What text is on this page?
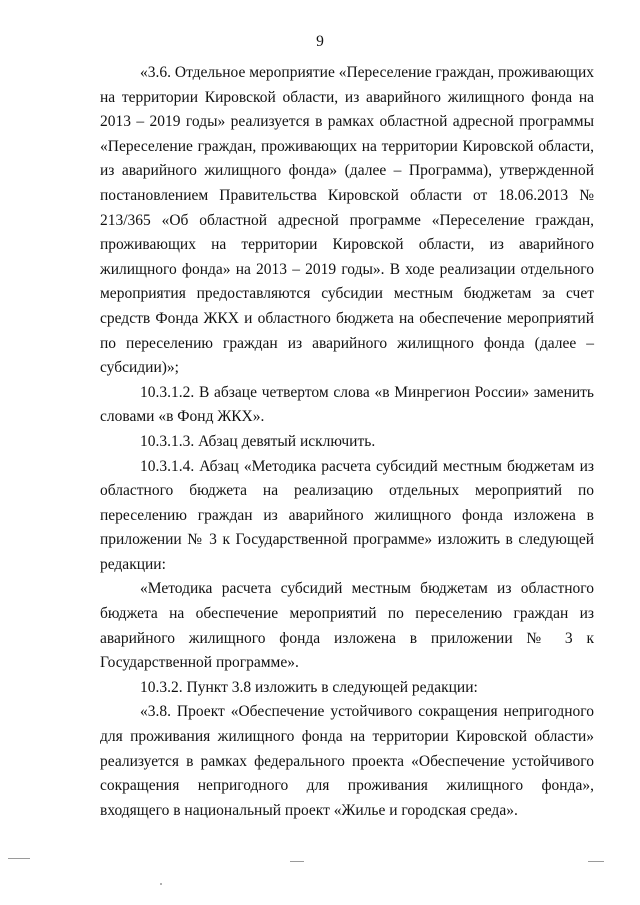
9

«3.6. Отдельное мероприятие «Переселение граждан, проживающих на территории Кировской области, из аварийного жилищного фонда на 2013 – 2019 годы» реализуется в рамках областной адресной программы «Переселение граждан, проживающих на территории Кировской области, из аварийного жилищного фонда» (далее – Программа), утвержденной постановлением Правительства Кировской области от 18.06.2013 № 213/365 «Об областной адресной программе «Переселение граждан, проживающих на территории Кировской области, из аварийного жилищного фонда» на 2013 – 2019 годы». В ходе реализации отдельного мероприятия предоставляются субсидии местным бюджетам за счет средств Фонда ЖКХ и областного бюджета на обеспечение мероприятий по переселению граждан из аварийного жилищного фонда (далее – субсидии)»;

10.3.1.2. В абзаце четвертом слова «в Минрегион России» заменить словами «в Фонд ЖКХ».

10.3.1.3. Абзац девятый исключить.

10.3.1.4. Абзац «Методика расчета субсидий местным бюджетам из областного бюджета на реализацию отдельных мероприятий по переселению граждан из аварийного жилищного фонда изложена в приложении № 3 к Государственной программе» изложить в следующей редакции:

«Методика расчета субсидий местным бюджетам из областного бюджета на обеспечение мероприятий по переселению граждан из аварийного жилищного фонда изложена в приложении № 3 к Государственной программе».

10.3.2. Пункт 3.8 изложить в следующей редакции:

«3.8. Проект «Обеспечение устойчивого сокращения непригодного для проживания жилищного фонда на территории Кировской области» реализуется в рамках федерального проекта «Обеспечение устойчивого сокращения непригодного для проживания жилищного фонда», входящего в национальный проект «Жилье и городская среда».
